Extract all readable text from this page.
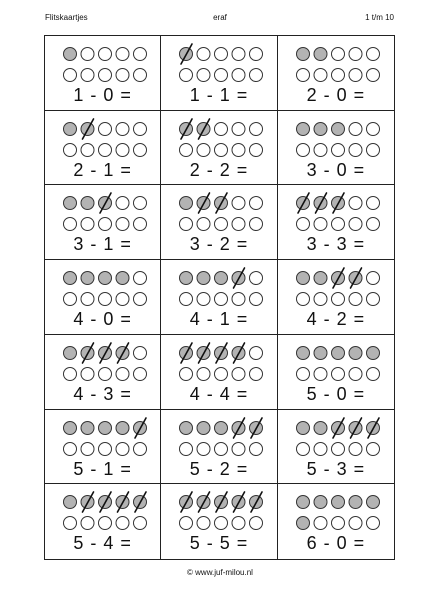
Flitskaartjes	eraf	1 t/m 10
1 - 0 =	1 - 1 =	2 - 0 =
2 - 1 =	2 - 2 =	3 - 0 =
3 - 1 =	3 - 2 =	3 - 3 =
4 - 0 =	4 - 1 =	4 - 2 =
4 - 3 =	4 - 4 =	5 - 0 =
5 - 1 =	5 - 2 =	5 - 3 =
5 - 4 =	5 - 5 =	6 - 0 =
© www.juf-milou.nl
